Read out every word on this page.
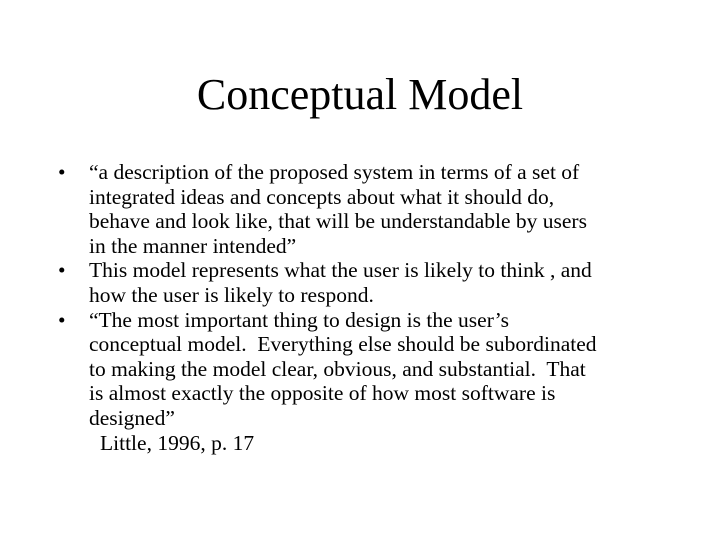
Conceptual Model
• “a description of the proposed system in terms of a set of
integrated ideas and concepts about what it should do,
behave and look like, that will be understandable by users
in the manner intended”
• This model represents what the user is likely to think , and
how the user is likely to respond.
• “The most important thing to design is the user’s
conceptual model.  Everything else should be subordinated
to making the model clear, obvious, and substantial.  That
is almost exactly the opposite of how most software is
designed”
Little, 1996, p. 17
